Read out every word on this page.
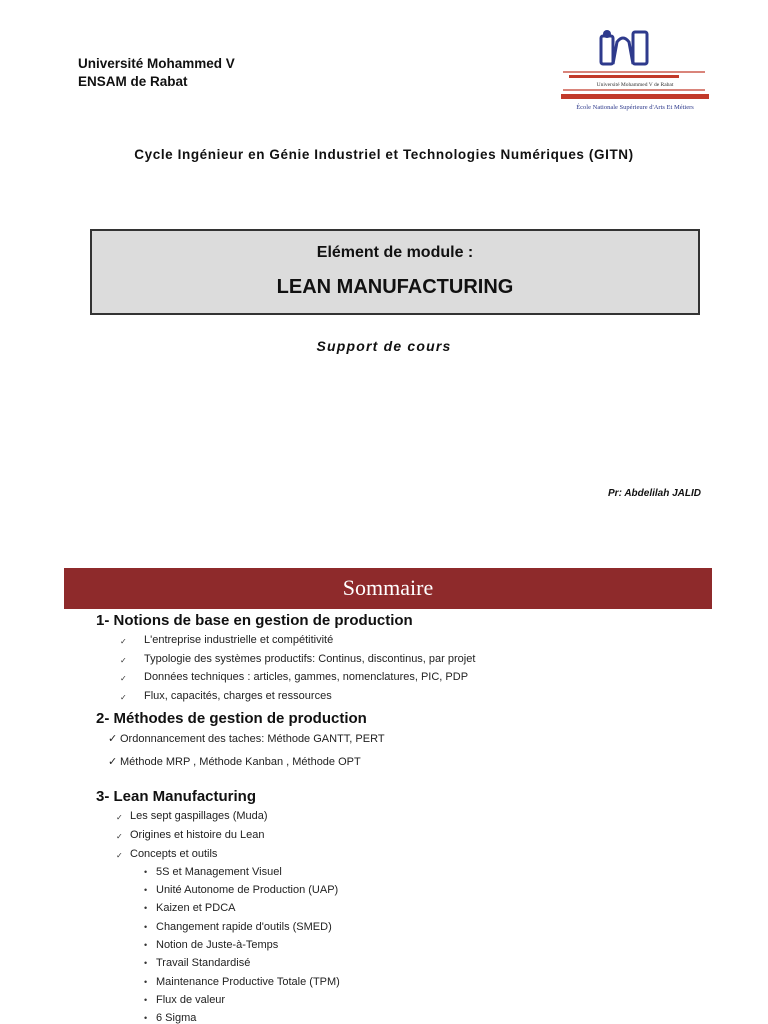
Université Mohammed V
ENSAM de Rabat	Université Mohammed V de Rabat
École Nationale Supérieure d'Arts Et Métiers
Cycle Ingénieur en Génie Industriel et Technologies Numériques (GITN)
Elément de module :
LEAN MANUFACTURING
Support de cours
Pr: Abdelilah JALID
Sommaire
1- Notions de base en gestion de production
✓ L'entreprise industrielle et compétitivité
✓ Typologie des systèmes productifs: Continus, discontinus, par projet
✓ Données techniques : articles, gammes, nomenclatures, PIC, PDP
✓ Flux, capacités, charges et ressources
2- Méthodes de gestion de production
✓ Ordonnancement des taches: Méthode GANTT, PERT
✓ Méthode MRP , Méthode Kanban , Méthode OPT
3- Lean Manufacturing
✓ Les sept gaspillages (Muda)
✓ Origines et histoire du Lean
✓ Concepts et outils
• 5S et Management Visuel
• Unité Autonome de Production (UAP)
• Kaizen et PDCA
• Changement rapide d'outils (SMED)
• Notion de Juste-à-Temps
• Travail Standardisé
• Maintenance Productive Totale (TPM)
• Flux de valeur
• 6 Sigma
